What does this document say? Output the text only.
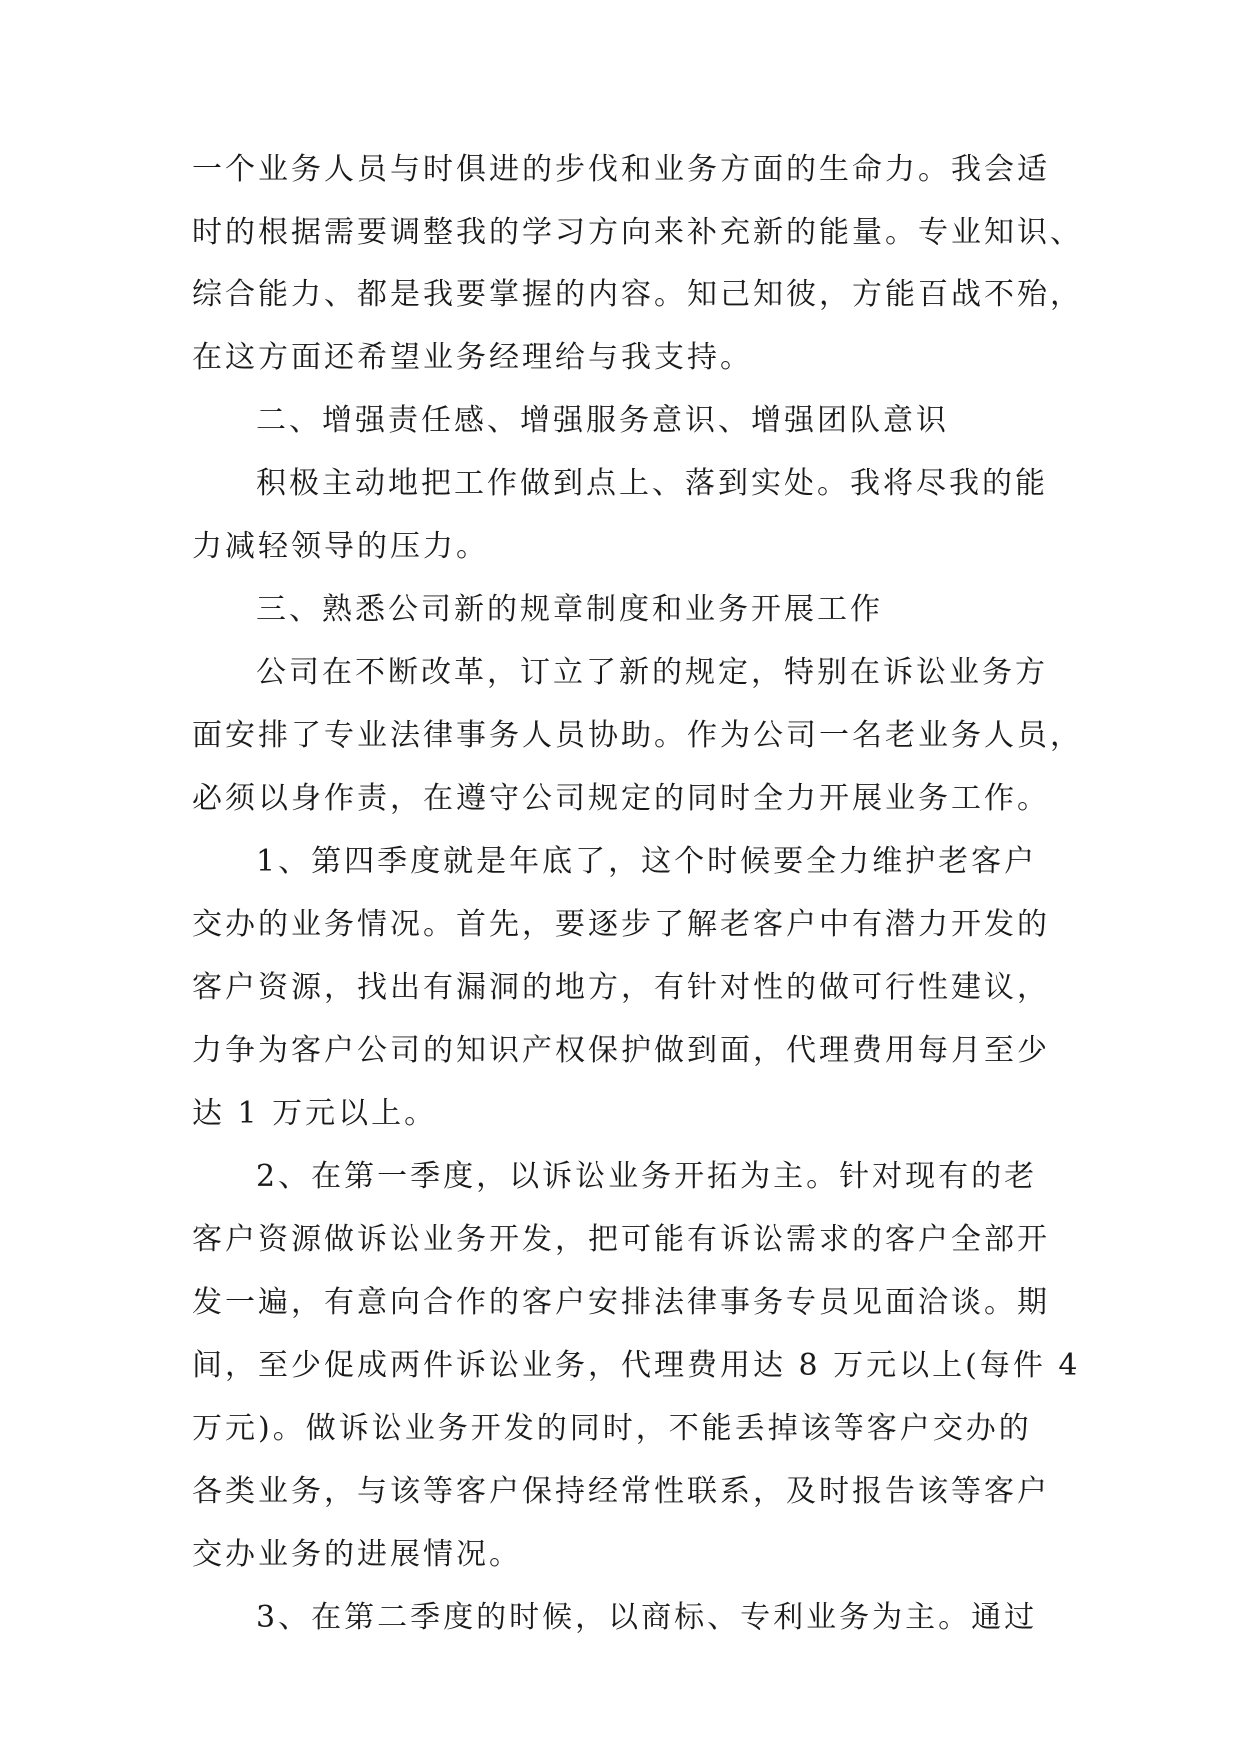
一个业务人员与时俱进的步伐和业务方面的生命力。我会适
时的根据需要调整我的学习方向来补充新的能量。专业知识、
综合能力、都是我要掌握的内容。知己知彼，方能百战不殆，
在这方面还希望业务经理给与我支持。
二、增强责任感、增强服务意识、增强团队意识
积极主动地把工作做到点上、落到实处。我将尽我的能
力减轻领导的压力。
三、熟悉公司新的规章制度和业务开展工作
公司在不断改革，订立了新的规定，特别在诉讼业务方
面安排了专业法律事务人员协助。作为公司一名老业务人员，
必须以身作责，在遵守公司规定的同时全力开展业务工作。
1、第四季度就是年底了，这个时候要全力维护老客户
交办的业务情况。首先，要逐步了解老客户中有潜力开发的
客户资源，找出有漏洞的地方，有针对性的做可行性建议，
力争为客户公司的知识产权保护做到面，代理费用每月至少
达 1 万元以上。
2、在第一季度，以诉讼业务开拓为主。针对现有的老
客户资源做诉讼业务开发，把可能有诉讼需求的客户全部开
发一遍，有意向合作的客户安排法律事务专员见面洽谈。期
间，至少促成两件诉讼业务，代理费用达 8 万元以上(每件 4
万元)。做诉讼业务开发的同时，不能丢掉该等客户交办的
各类业务，与该等客户保持经常性联系，及时报告该等客户
交办业务的进展情况。
3、在第二季度的时候，以商标、专利业务为主。通过
